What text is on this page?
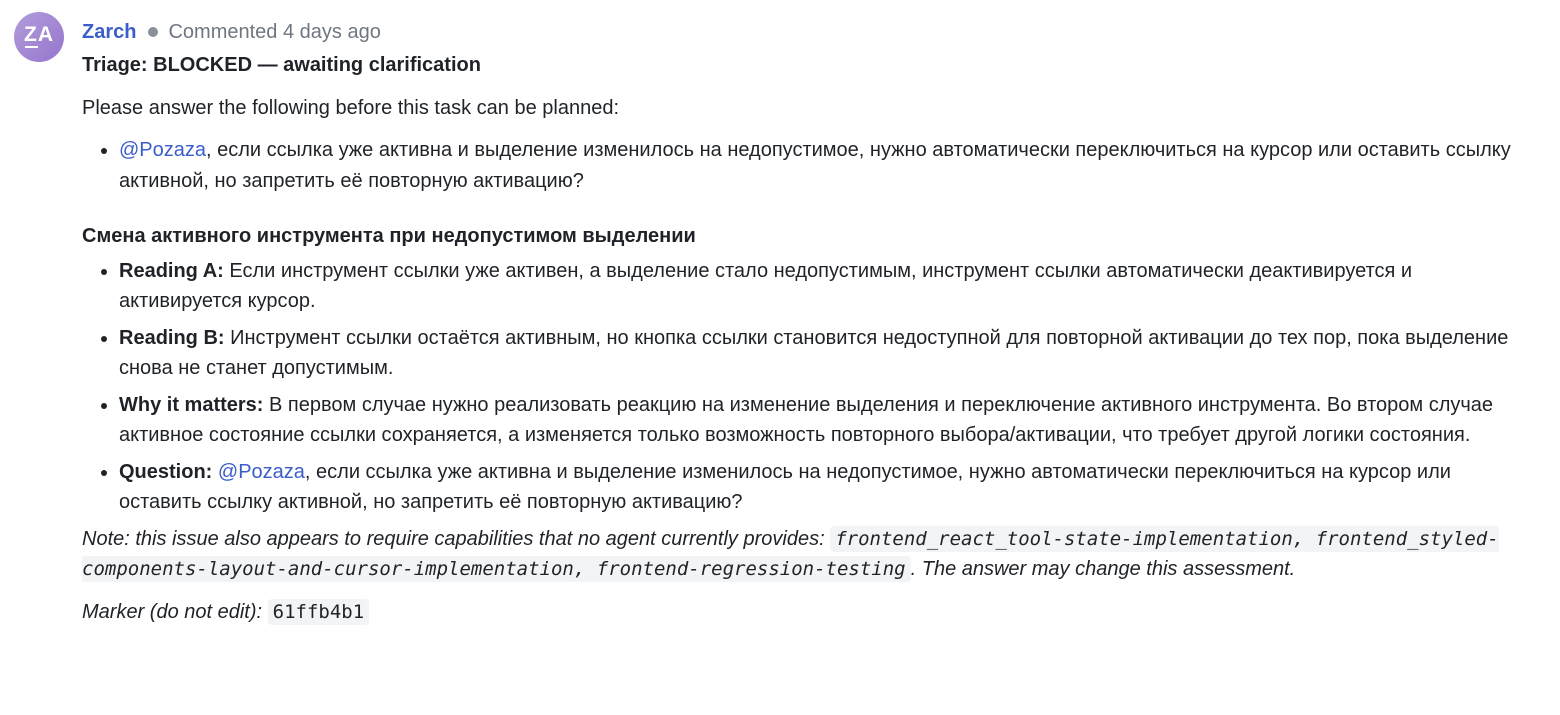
ZA	Zarch Commented 4 days ago

Triage: BLOCKED — awaiting clarification

Please answer the following before this task can be planned:

• @Pozaza, если ссылка уже активна и выделение изменилось на недопустимое, нужно автоматически переключиться на курсор или оставить ссылку активной, но запретить её повторную активацию?

Смена активного инструмента при недопустимом выделении

• Reading A: Если инструмент ссылки уже активен, а выделение стало недопустимым, инструмент ссылки автоматически деактивируется и активируется курсор.
• Reading B: Инструмент ссылки остаётся активным, но кнопка ссылки становится недоступной для повторной активации до тех пор, пока выделение снова не станет допустимым.
• Why it matters: В первом случае нужно реализовать реакцию на изменение выделения и переключение активного инструмента. Во втором случае активное состояние ссылки сохраняется, а изменяется только возможность повторного выбора/активации, что требует другой логики состояния.
• Question: @Pozaza, если ссылка уже активна и выделение изменилось на недопустимое, нужно автоматически переключиться на курсор или оставить ссылку активной, но запретить её повторную активацию?

Note: this issue also appears to require capabilities that no agent currently provides: frontend_react_tool-state-implementation, frontend_styled-components-layout-and-cursor-implementation, frontend-regression-testing . The answer may change this assessment.

Marker (do not edit): 61ffb4b1
